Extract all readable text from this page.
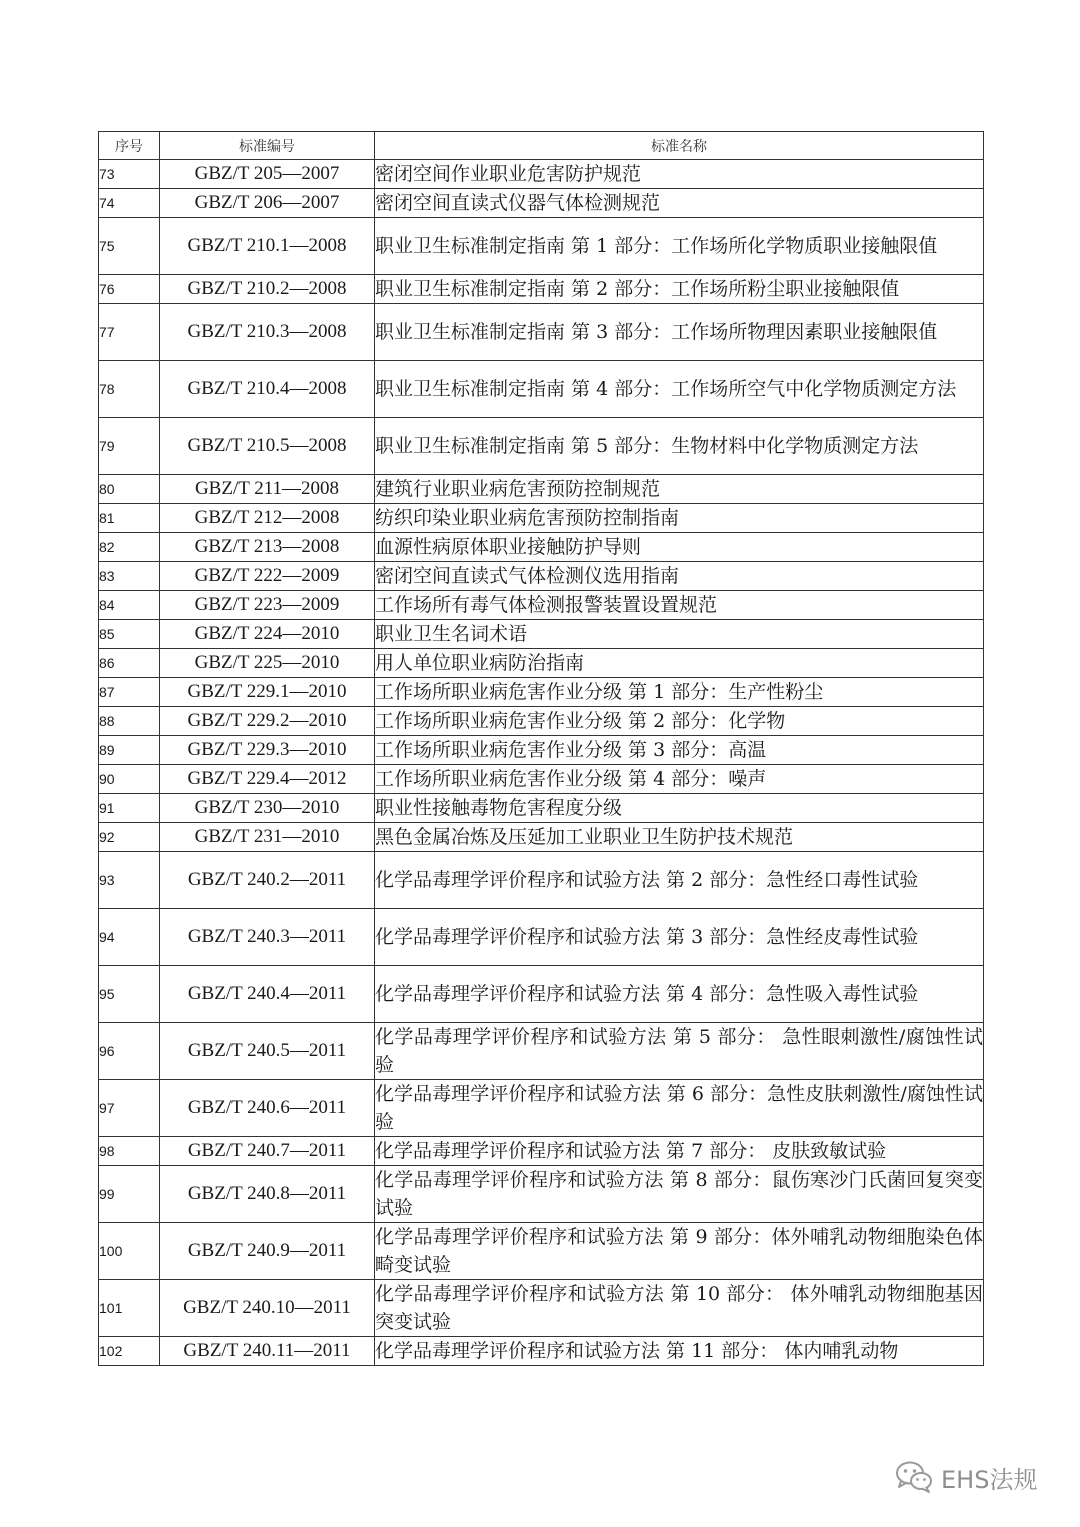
序号	标准编号	标准名称
73	GBZ/T 205—2007	密闭空间作业职业危害防护规范
74	GBZ/T 206—2007	密闭空间直读式仪器气体检测规范
75	GBZ/T 210.1—2008	职业卫生标准制定指南 第 1 部分：工作场所化学物质职业接触限值
76	GBZ/T 210.2—2008	职业卫生标准制定指南 第 2 部分：工作场所粉尘职业接触限值
77	GBZ/T 210.3—2008	职业卫生标准制定指南 第 3 部分：工作场所物理因素职业接触限值
78	GBZ/T 210.4—2008	职业卫生标准制定指南 第 4 部分：工作场所空气中化学物质测定方法
79	GBZ/T 210.5—2008	职业卫生标准制定指南 第 5 部分：生物材料中化学物质测定方法
80	GBZ/T 211—2008	建筑行业职业病危害预防控制规范
81	GBZ/T 212—2008	纺织印染业职业病危害预防控制指南
82	GBZ/T 213—2008	血源性病原体职业接触防护导则
83	GBZ/T 222—2009	密闭空间直读式气体检测仪选用指南
84	GBZ/T 223—2009	工作场所有毒气体检测报警装置设置规范
85	GBZ/T 224—2010	职业卫生名词术语
86	GBZ/T 225—2010	用人单位职业病防治指南
87	GBZ/T 229.1—2010	工作场所职业病危害作业分级 第 1 部分：生产性粉尘
88	GBZ/T 229.2—2010	工作场所职业病危害作业分级 第 2 部分：化学物
89	GBZ/T 229.3—2010	工作场所职业病危害作业分级 第 3 部分：高温
90	GBZ/T 229.4—2012	工作场所职业病危害作业分级 第 4 部分：噪声
91	GBZ/T 230—2010	职业性接触毒物危害程度分级
92	GBZ/T 231—2010	黑色金属冶炼及压延加工业职业卫生防护技术规范
93	GBZ/T 240.2—2011	化学品毒理学评价程序和试验方法 第 2 部分：急性经口毒性试验
94	GBZ/T 240.3—2011	化学品毒理学评价程序和试验方法 第 3 部分：急性经皮毒性试验
95	GBZ/T 240.4—2011	化学品毒理学评价程序和试验方法 第 4 部分：急性吸入毒性试验
96	GBZ/T 240.5—2011	化学品毒理学评价程序和试验方法 第 5 部分： 急性眼刺激性/腐蚀性试验
97	GBZ/T 240.6—2011	化学品毒理学评价程序和试验方法 第 6 部分：急性皮肤刺激性/腐蚀性试验
98	GBZ/T 240.7—2011	化学品毒理学评价程序和试验方法 第 7 部分： 皮肤致敏试验
99	GBZ/T 240.8—2011	化学品毒理学评价程序和试验方法 第 8 部分：鼠伤寒沙门氏菌回复突变试验
100	GBZ/T 240.9—2011	化学品毒理学评价程序和试验方法 第 9 部分：体外哺乳动物细胞染色体畸变试验
101	GBZ/T 240.10—2011	化学品毒理学评价程序和试验方法 第 10 部分： 体外哺乳动物细胞基因突变试验
102	GBZ/T 240.11—2011	化学品毒理学评价程序和试验方法 第 11 部分： 体内哺乳动物
EHS法规
